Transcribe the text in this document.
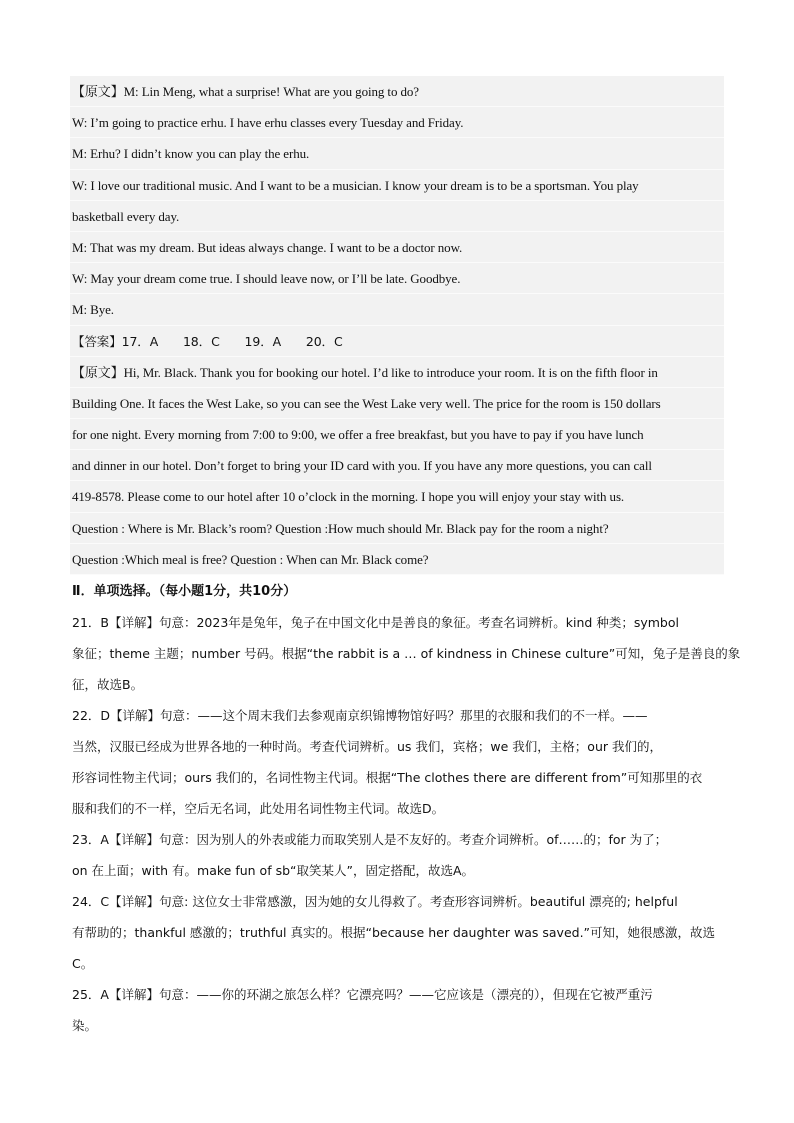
【原文】M: Lin Meng, what a surprise! What are you going to do?
W: I’m going to practice erhu. I have erhu classes every Tuesday and Friday.
M: Erhu? I didn’t know you can play the erhu.
W: I love our traditional music. And I want to be a musician. I know your dream is to be a sportsman. You play
basketball every day.
M: That was my dream. But ideas always change. I want to be a doctor now.
W: May your dream come true. I should leave now, or I’ll be late. Goodbye.
M: Bye.
【答案】17．A　　18．C　　19．A　　20．C
【原文】Hi, Mr. Black. Thank you for booking our hotel. I’d like to introduce your room. It is on the fifth floor in
Building One. It faces the West Lake, so you can see the West Lake very well. The price for the room is 150 dollars
for one night. Every morning from 7:00 to 9:00, we offer a free breakfast, but you have to pay if you have lunch
and dinner in our hotel. Don’t forget to bring your ID card with you. If you have any more questions, you can call
419-8578. Please come to our hotel after 10 o’clock in the morning. I hope you will enjoy your stay with us.
Question : Where is Mr. Black’s room? Question :How much should Mr. Black pay for the room a night?
Question :Which meal is free? Question : When can Mr. Black come?
Ⅱ．单项选择。（每小题1分，共10分）
21．B【详解】句意：2023年是兔年，兔子在中国文化中是善良的象征。考查名词辨析。kind 种类；symbol
象征；theme 主题；number 号码。根据“the rabbit is a … of kindness in Chinese culture”可知，兔子是善良的象
征，故选B。
22．D【详解】句意：——这个周末我们去参观南京织锦博物馆好吗？那里的衣服和我们的不一样。——
当然，汉服已经成为世界各地的一种时尚。考查代词辨析。us 我们，宾格；we 我们，主格；our 我们的，
形容词性物主代词；ours 我们的，名词性物主代词。根据“The clothes there are different from”可知那里的衣
服和我们的不一样，空后无名词，此处用名词性物主代词。故选D。
23．A【详解】句意：因为别人的外表或能力而取笑别人是不友好的。考查介词辨析。of……的；for 为了；
on 在上面；with 有。make fun of sb“取笑某人”，固定搭配，故选A。
24．C【详解】句意: 这位女士非常感激，因为她的女儿得救了。考查形容词辨析。beautiful 漂亮的; helpful
有帮助的；thankful 感激的；truthful 真实的。根据“because her daughter was saved.”可知，她很感激，故选
C。
25．A【详解】句意：——你的环湖之旅怎么样？它漂亮吗？——它应该是（漂亮的），但现在它被严重污
染。
